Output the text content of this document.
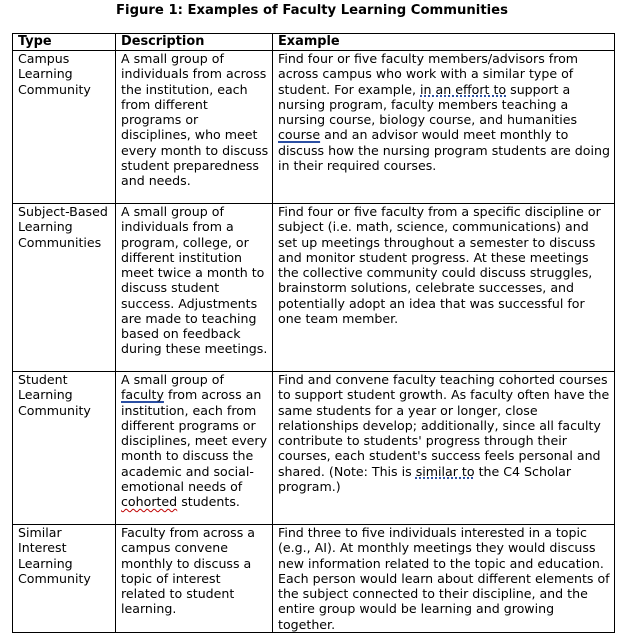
Figure 1: Examples of Faculty Learning Communities
Type	Description	Example
Campus Learning Community	A small group of individuals from across the institution, each from different programs or disciplines, who meet every month to discuss student preparedness and needs.	Find four or five faculty members/advisors from across campus who work with a similar type of student. For example, in an effort to support a nursing program, faculty members teaching a nursing course, biology course, and humanities course and an advisor would meet monthly to discuss how the nursing program students are doing in their required courses.
Subject-Based Learning Communities	A small group of individuals from a program, college, or different institution meet twice a month to discuss student success. Adjustments are made to teaching based on feedback during these meetings.	Find four or five faculty from a specific discipline or subject (i.e. math, science, communications) and set up meetings throughout a semester to discuss and monitor student progress. At these meetings the collective community could discuss struggles, brainstorm solutions, celebrate successes, and potentially adopt an idea that was successful for one team member.
Student Learning Community	A small group of faculty from across an institution, each from different programs or disciplines, meet every month to discuss the academic and social-emotional needs of cohorted students.	Find and convene faculty teaching cohorted courses to support student growth. As faculty often have the same students for a year or longer, close relationships develop; additionally, since all faculty contribute to students' progress through their courses, each student's success feels personal and shared. (Note: This is similar to the C4 Scholar program.)
Similar Interest Learning Community	Faculty from across a campus convene monthly to discuss a topic of interest related to student learning.	Find three to five individuals interested in a topic (e.g., AI). At monthly meetings they would discuss new information related to the topic and education. Each person would learn about different elements of the subject connected to their discipline, and the entire group would be learning and growing together.
